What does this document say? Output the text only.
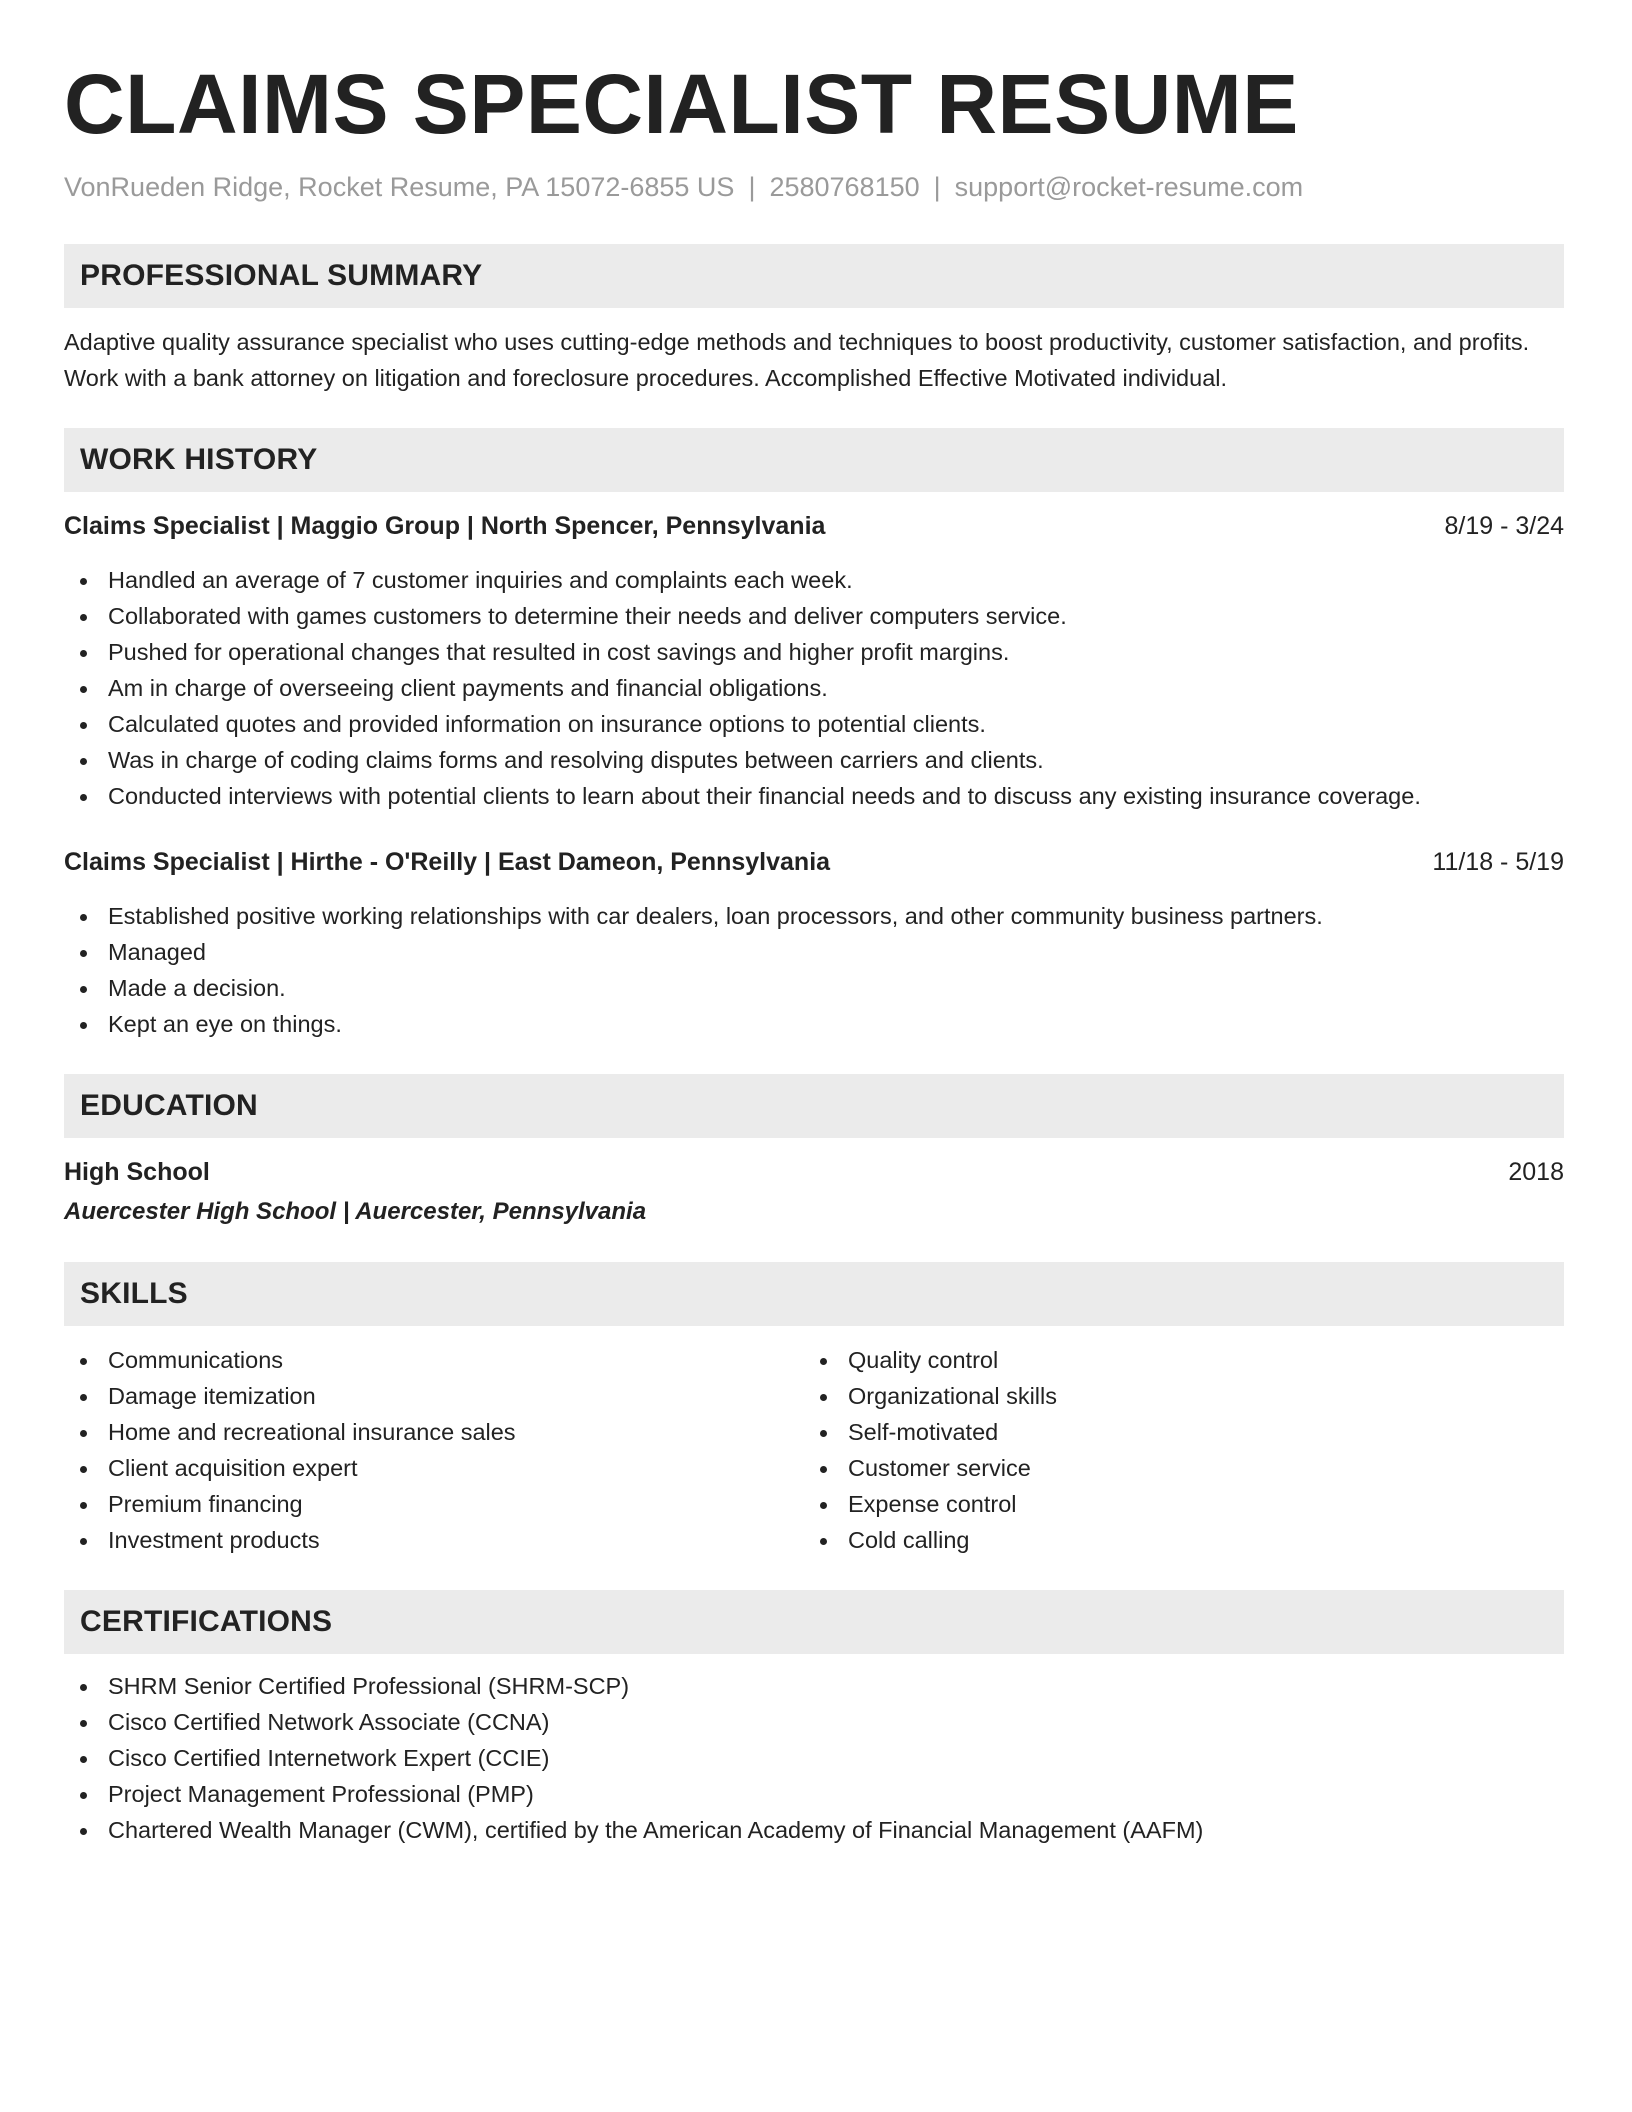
CLAIMS SPECIALIST RESUME
VonRueden Ridge, Rocket Resume, PA 15072-6855 US | 2580768150 | support@rocket-resume.com
PROFESSIONAL SUMMARY
Adaptive quality assurance specialist who uses cutting-edge methods and techniques to boost productivity, customer satisfaction, and profits. Work with a bank attorney on litigation and foreclosure procedures. Accomplished Effective Motivated individual.
WORK HISTORY
Claims Specialist | Maggio Group | North Spencer, Pennsylvania	8/19 - 3/24
Handled an average of 7 customer inquiries and complaints each week.
Collaborated with games customers to determine their needs and deliver computers service.
Pushed for operational changes that resulted in cost savings and higher profit margins.
Am in charge of overseeing client payments and financial obligations.
Calculated quotes and provided information on insurance options to potential clients.
Was in charge of coding claims forms and resolving disputes between carriers and clients.
Conducted interviews with potential clients to learn about their financial needs and to discuss any existing insurance coverage.
Claims Specialist | Hirthe - O'Reilly | East Dameon, Pennsylvania	11/18 - 5/19
Established positive working relationships with car dealers, loan processors, and other community business partners.
Managed
Made a decision.
Kept an eye on things.
EDUCATION
High School	2018
Auercester High School | Auercester, Pennsylvania
SKILLS
Communications
Damage itemization
Home and recreational insurance sales
Client acquisition expert
Premium financing
Investment products
Quality control
Organizational skills
Self-motivated
Customer service
Expense control
Cold calling
CERTIFICATIONS
SHRM Senior Certified Professional (SHRM-SCP)
Cisco Certified Network Associate (CCNA)
Cisco Certified Internetwork Expert (CCIE)
Project Management Professional (PMP)
Chartered Wealth Manager (CWM), certified by the American Academy of Financial Management (AAFM)
